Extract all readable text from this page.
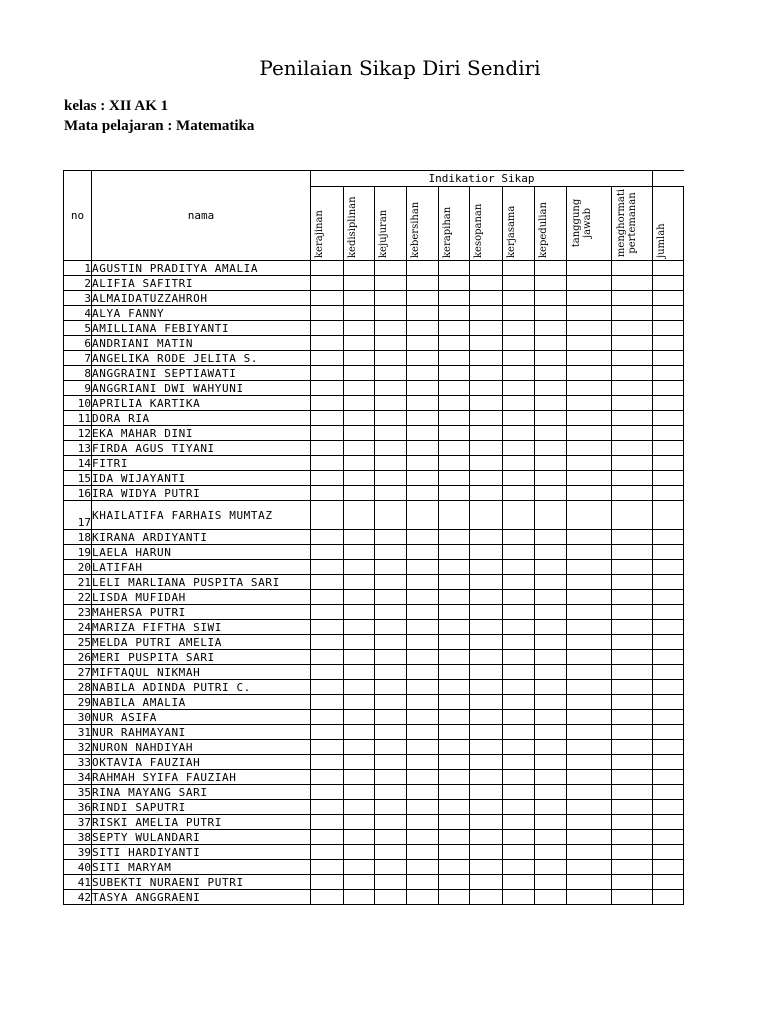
Penilaian Sikap Diri Sendiri
kelas : XII AK 1
Mata pelajaran : Matematika
no	nama	Indikatior Sikap										

		kerajinan	kedisiplinan	kejujuran	kebersihan	kerapihan	kesopanan	kerjasama	kepedulian	tanggung jawab	menghormati pertemanan	jumlah

1	AGUSTIN PRADITYA AMALIA											
2	ALIFIA SAFITRI											
3	ALMAIDATUZZAHROH											
4	ALYA FANNY											
5	AMILLIANA FEBIYANTI											
6	ANDRIANI MATIN											
7	ANGELIKA RODE JELITA S.											
8	ANGGRAINI SEPTIAWATI											
9	ANGGRIANI DWI WAHYUNI											
10	APRILIA KARTIKA											
11	DORA RIA											
12	EKA MAHAR DINI											
13	FIRDA AGUS TIYANI											
14	FITRI											
15	IDA WIJAYANTI											
16	IRA WIDYA PUTRI											
17	KHAILATIFA FARHAIS MUMTAZ											
18	KIRANA ARDIYANTI											
19	LAELA HARUN											
20	LATIFAH											
21	LELI MARLIANA PUSPITA SARI											
22	LISDA MUFIDAH											
23	MAHERSA PUTRI											
24	MARIZA FIFTHA SIWI											
25	MELDA PUTRI AMELIA											
26	MERI PUSPITA SARI											
27	MIFTAQUL NIKMAH											
28	NABILA ADINDA PUTRI C.											
29	NABILA AMALIA											
30	NUR ASIFA											
31	NUR RAHMAYANI											
32	NURON NAHDIYAH											
33	OKTAVIA FAUZIAH											
34	RAHMAH SYIFA FAUZIAH											
35	RINA MAYANG SARI											
36	RINDI SAPUTRI											
37	RISKI AMELIA PUTRI											
38	SEPTY WULANDARI											
39	SITI HARDIYANTI											
40	SITI MARYAM											
41	SUBEKTI NURAENI PUTRI											
42	TASYA ANGGRAENI											
